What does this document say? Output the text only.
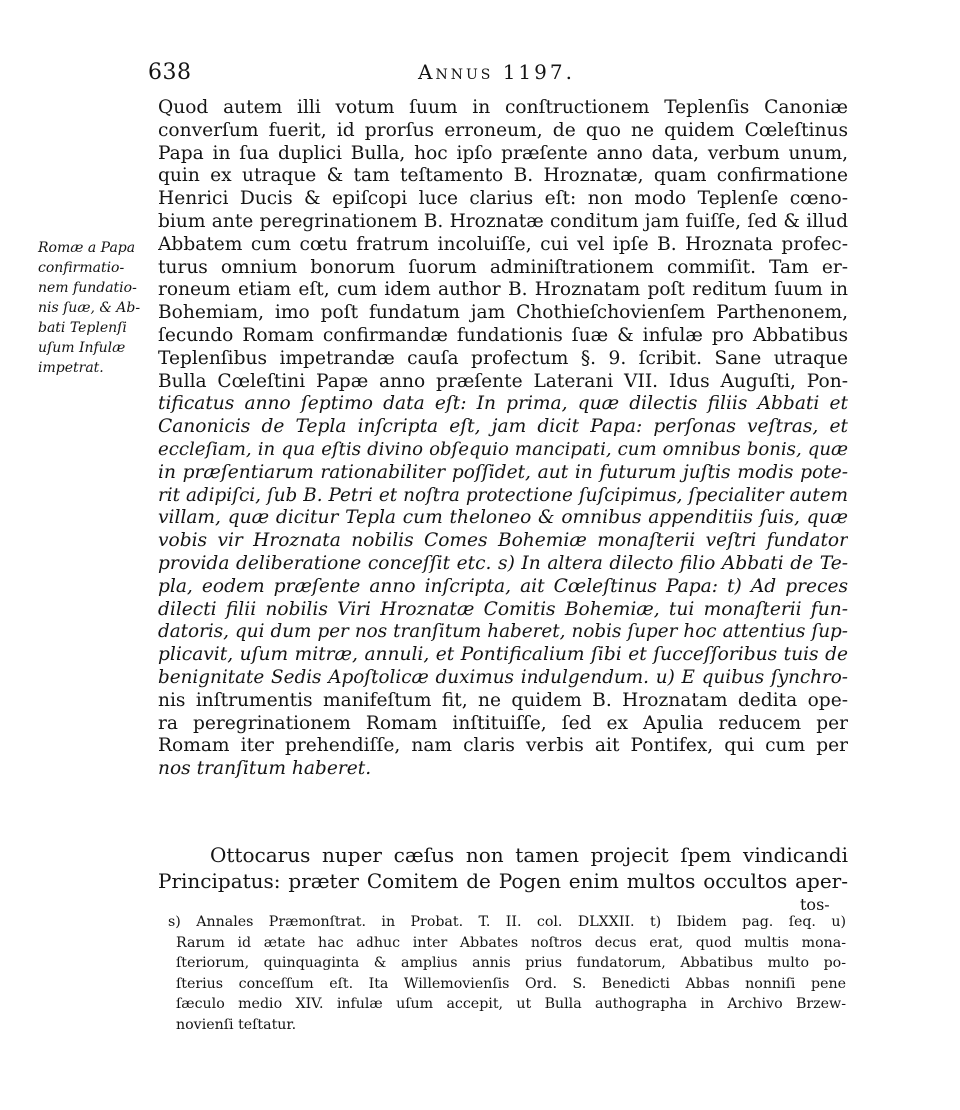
638	Annus 1197.
Romæ a Papa
confirmatio-
nem fundatio-
nis ſuæ, & Ab-
bati Teplenſi
uſum Infulæ
impetrat.
Quod autem illi votum ſuum in conſtructionem Teplenſis Canoniæ
converſum fuerit, id prorſus erroneum, de quo ne quidem Cœleſtinus
Papa in ſua duplici Bulla, hoc ipſo præſente anno data, verbum unum,
quin ex utraque & tam teſtamento B. Hroznatæ, quam confirmatione
Henrici Ducis & epiſcopi luce clarius eſt: non modo Teplenſe cœno-
bium ante peregrinationem B. Hroznatæ conditum jam fuiſſe, ſed & illud
Abbatem cum cœtu fratrum incoluiſſe, cui vel ipſe B. Hroznata profec-
turus omnium bonorum ſuorum adminiſtrationem commiſit. Tam er-
roneum etiam eſt, cum idem author B. Hroznatam poſt reditum ſuum in
Bohemiam, imo poſt fundatum jam Chothieſchovienſem Parthenonem,
ſecundo Romam confirmandæ fundationis ſuæ & infulæ pro Abbatibus
Teplenſibus impetrandæ cauſa profectum §. 9. ſcribit. Sane utraque
Bulla Cœleſtini Papæ anno præſente Laterani VII. Idus Auguſti, Pon-
tificatus anno ſeptimo data eſt: In prima, quæ dilectis filiis Abbati et
Canonicis de Tepla inſcripta eſt, jam dicit Papa: perſonas veſtras, et
eccleſiam, in qua eſtis divino obſequio mancipati, cum omnibus bonis, quæ
in præſentiarum rationabiliter poſſidet, aut in futurum juſtis modis pote-
rit adipiſci, ſub B. Petri et noſtra protectione ſuſcipimus, ſpecialiter autem
villam, quæ dicitur Tepla cum theloneo & omnibus appenditiis ſuis, quæ
vobis vir Hroznata nobilis Comes Bohemiæ monaſterii veſtri fundator
provida deliberatione conceſſit etc. s) In altera dilecto filio Abbati de Te-
pla, eodem præſente anno inſcripta, ait Cœleſtinus Papa: t) Ad preces
dilecti filii nobilis Viri Hroznatæ Comitis Bohemiæ, tui monaſterii fun-
datoris, qui dum per nos tranſitum haberet, nobis ſuper hoc attentius ſup-
plicavit, uſum mitræ, annuli, et Pontificalium ſibi et ſucceſſoribus tuis de
benignitate Sedis Apoſtolicæ duximus indulgendum. u) E quibus ſynchro-
nis inſtrumentis manifeſtum fit, ne quidem B. Hroznatam dedita ope-
ra peregrinationem Romam inſtituiſſe, ſed ex Apulia reducem per
Romam iter prehendiſſe, nam claris verbis ait Pontifex, qui cum per
nos tranſitum haberet.
Ottocarus nuper cæſus non tamen projecit ſpem vindicandi
Principatus: præter Comitem de Pogen enim multos occultos aper-
tos-
s) Annales Præmonſtrat. in Probat. T. II. col. DLXXII. t) Ibidem pag. ſeq. u)
Rarum id ætate hac adhuc inter Abbates noſtros decus erat, quod multis mona-
ſteriorum, quinquaginta & amplius annis prius fundatorum, Abbatibus multo po-
ſterius conceſſum eſt. Ita Willemovienſis Ord. S. Benedicti Abbas nonniſi pene
ſæculo medio XIV. infulæ uſum accepit, ut Bulla authographa in Archivo Brzew-
novienſi teſtatur.
